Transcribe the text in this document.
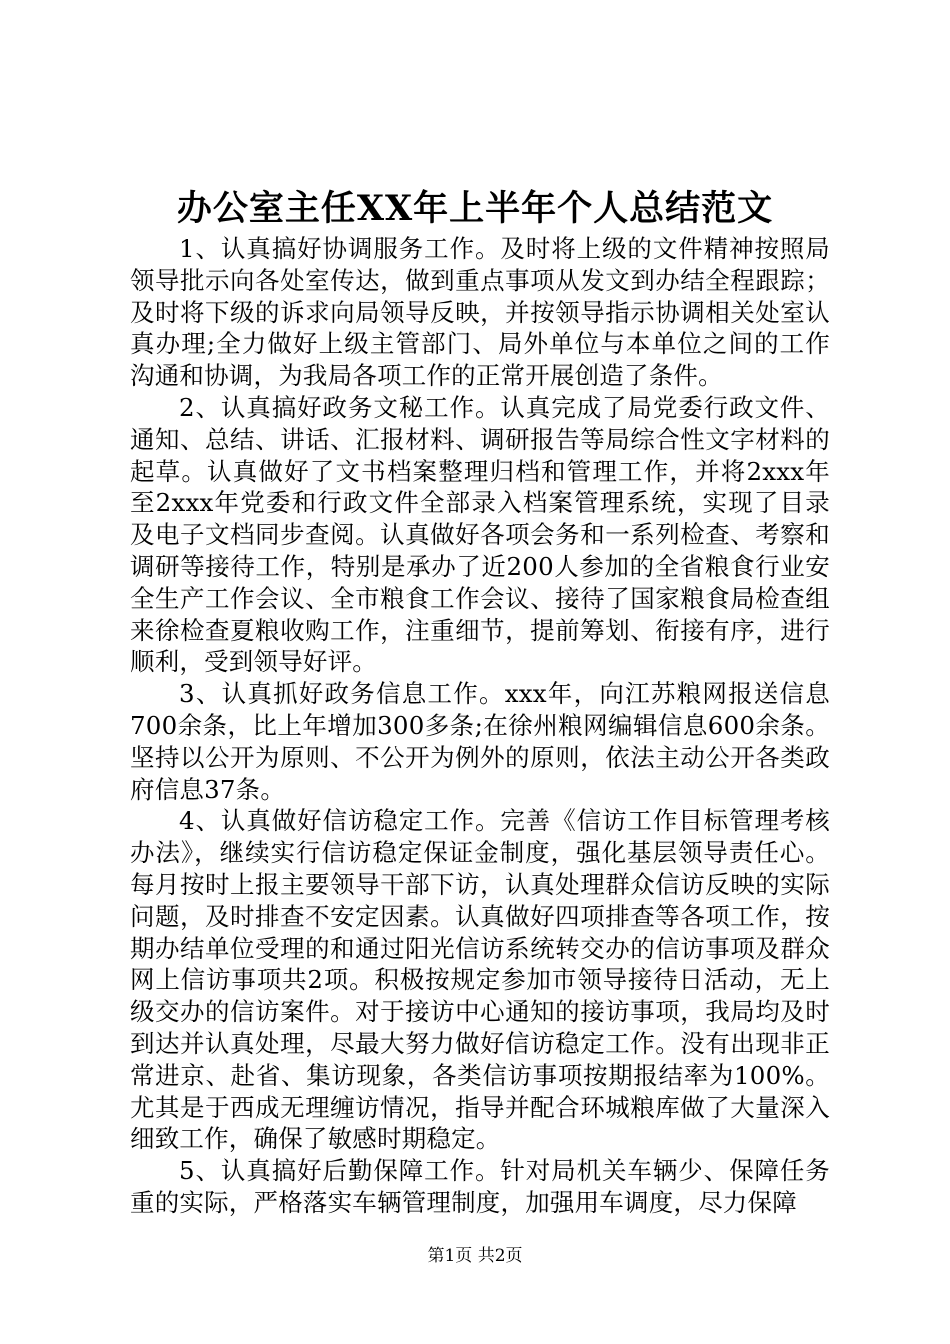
办公室主任XX年上半年个人总结范文

1、认真搞好协调服务工作。及时将上级的文件精神按照局领导批示向各处室传达，做到重点事项从发文到办结全程跟踪；及时将下级的诉求向局领导反映，并按领导指示协调相关处室认真办理;全力做好上级主管部门、局外单位与本单位之间的工作沟通和协调，为我局各项工作的正常开展创造了条件。

2、认真搞好政务文秘工作。认真完成了局党委行政文件、通知、总结、讲话、汇报材料、调研报告等局综合性文字材料的起草。认真做好了文书档案整理归档和管理工作，并将2xxx年至2xxx年党委和行政文件全部录入档案管理系统，实现了目录及电子文档同步查阅。认真做好各项会务和一系列检查、考察和调研等接待工作，特别是承办了近200人参加的全省粮食行业安全生产工作会议、全市粮食工作会议、接待了国家粮食局检查组来徐检查夏粮收购工作，注重细节，提前筹划、衔接有序，进行顺利，受到领导好评。

3、认真抓好政务信息工作。xxx年，向江苏粮网报送信息700余条，比上年增加300多条;在徐州粮网编辑信息600余条。坚持以公开为原则、不公开为例外的原则，依法主动公开各类政府信息37条。

4、认真做好信访稳定工作。完善《信访工作目标管理考核办法》，继续实行信访稳定保证金制度，强化基层领导责任心。每月按时上报主要领导干部下访，认真处理群众信访反映的实际问题，及时排查不安定因素。认真做好四项排查等各项工作，按期办结单位受理的和通过阳光信访系统转交办的信访事项及群众网上信访事项共2项。积极按规定参加市领导接待日活动，无上级交办的信访案件。对于接访中心通知的接访事项，我局均及时到达并认真处理，尽最大努力做好信访稳定工作。没有出现非正常进京、赴省、集访现象，各类信访事项按期报结率为100%。尤其是于西成无理缠访情况，指导并配合环城粮库做了大量深入细致工作，确保了敏感时期稳定。

5、认真搞好后勤保障工作。针对局机关车辆少、保障任务重的实际，严格落实车辆管理制度，加强用车调度，尽力保障

第1页 共2页
